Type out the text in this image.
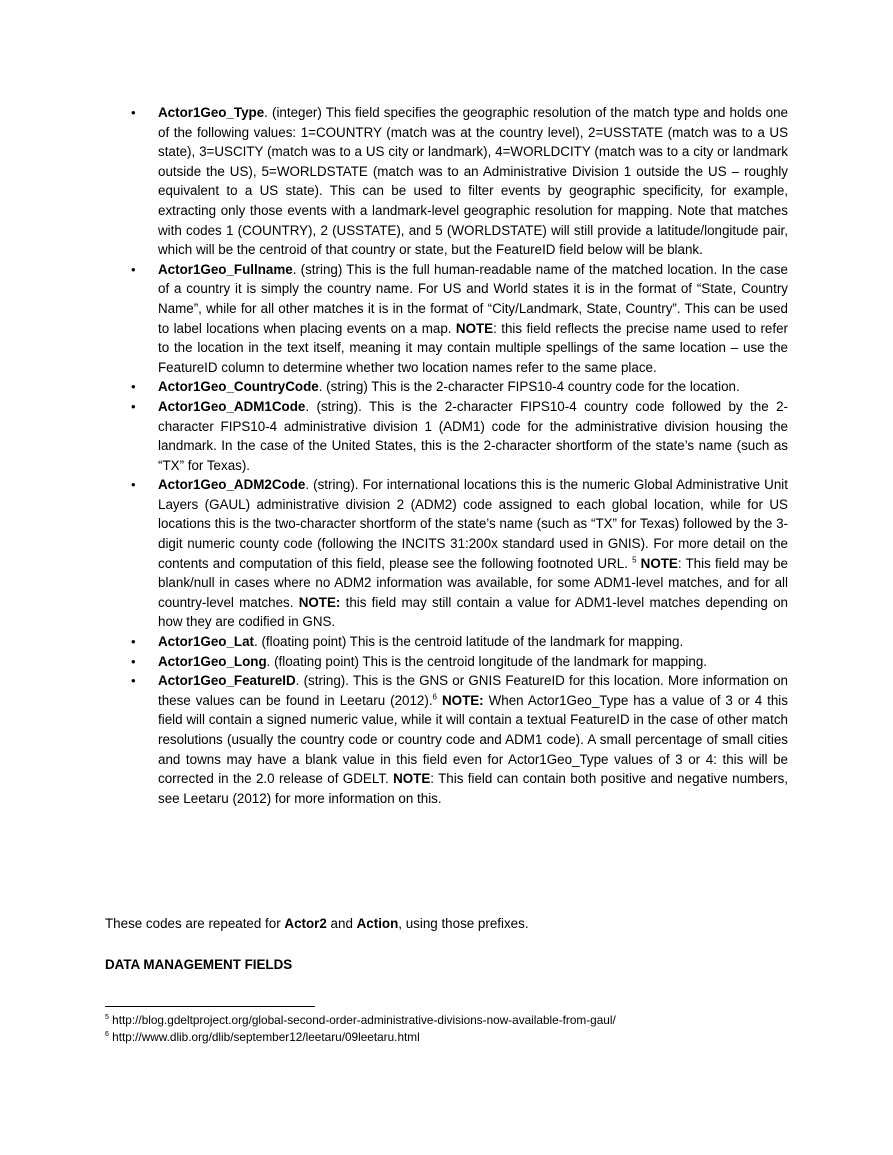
• Actor1Geo_Type. (integer) This field specifies the geographic resolution of the match type and holds one of the following values: 1=COUNTRY (match was at the country level), 2=USSTATE (match was to a US state), 3=USCITY (match was to a US city or landmark), 4=WORLDCITY (match was to a city or landmark outside the US), 5=WORLDSTATE (match was to an Administrative Division 1 outside the US – roughly equivalent to a US state). This can be used to filter events by geographic specificity, for example, extracting only those events with a landmark-level geographic resolution for mapping. Note that matches with codes 1 (COUNTRY), 2 (USSTATE), and 5 (WORLDSTATE) will still provide a latitude/longitude pair, which will be the centroid of that country or state, but the FeatureID field below will be blank.
• Actor1Geo_Fullname. (string) This is the full human-readable name of the matched location. In the case of a country it is simply the country name. For US and World states it is in the format of “State, Country Name”, while for all other matches it is in the format of “City/Landmark, State, Country”. This can be used to label locations when placing events on a map. NOTE: this field reflects the precise name used to refer to the location in the text itself, meaning it may contain multiple spellings of the same location – use the FeatureID column to determine whether two location names refer to the same place.
• Actor1Geo_CountryCode. (string) This is the 2-character FIPS10-4 country code for the location.
• Actor1Geo_ADM1Code. (string). This is the 2-character FIPS10-4 country code followed by the 2-character FIPS10-4 administrative division 1 (ADM1) code for the administrative division housing the landmark. In the case of the United States, this is the 2-character shortform of the state’s name (such as “TX” for Texas).
• Actor1Geo_ADM2Code. (string). For international locations this is the numeric Global Administrative Unit Layers (GAUL) administrative division 2 (ADM2) code assigned to each global location, while for US locations this is the two-character shortform of the state’s name (such as “TX” for Texas) followed by the 3-digit numeric county code (following the INCITS 31:200x standard used in GNIS). For more detail on the contents and computation of this field, please see the following footnoted URL. $^5$ NOTE: This field may be blank/null in cases where no ADM2 information was available, for some ADM1-level matches, and for all country-level matches. NOTE: this field may still contain a value for ADM1-level matches depending on how they are codified in GNS.
• Actor1Geo_Lat. (floating point) This is the centroid latitude of the landmark for mapping.
• Actor1Geo_Long. (floating point) This is the centroid longitude of the landmark for mapping.
• Actor1Geo_FeatureID. (string). This is the GNS or GNIS FeatureID for this location. More information on these values can be found in Leetaru (2012).$^6$ NOTE: When Actor1Geo_Type has a value of 3 or 4 this field will contain a signed numeric value, while it will contain a textual FeatureID in the case of other match resolutions (usually the country code or country code and ADM1 code). A small percentage of small cities and towns may have a blank value in this field even for Actor1Geo_Type values of 3 or 4: this will be corrected in the 2.0 release of GDELT. NOTE: This field can contain both positive and negative numbers, see Leetaru (2012) for more information on this.
These codes are repeated for Actor2 and Action, using those prefixes.
DATA MANAGEMENT FIELDS
$^5$ http://blog.gdeltproject.org/global-second-order-administrative-divisions-now-available-from-gaul/
$^6$ http://www.dlib.org/dlib/september12/leetaru/09leetaru.html
